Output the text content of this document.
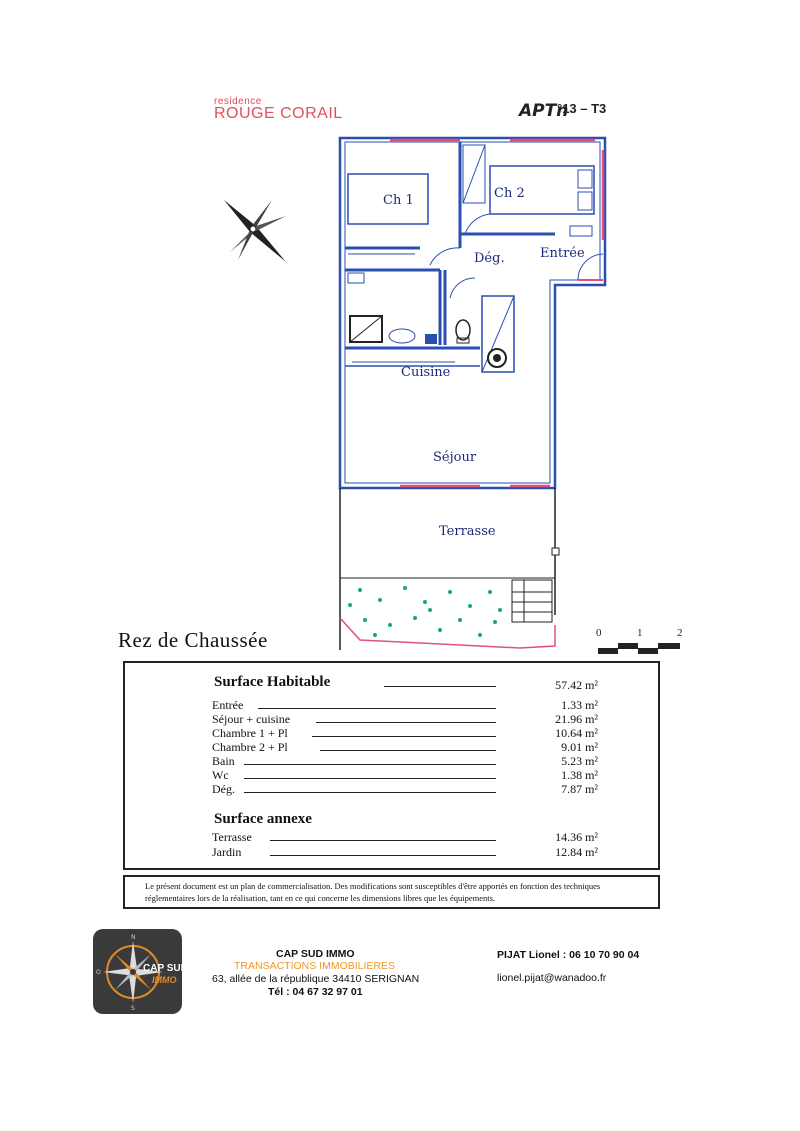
residence
ROUGE CORAIL	APTn
°13 – T3
Ch 1	Ch 2
Entrée
Dég.
Cuisine
Séjour
Terrasse
Rez de Chaussée	0	1	2
Surface Habitable	57.42 m²
Entrée	1.33 m²
Séjour + cuisine	21.96 m²
Chambre 1 + Pl	10.64 m²
Chambre 2 + Pl	9.01 m²
Bain	5.23 m²
Wc	1.38 m²
Dég.	7.87 m²
Surface annexe
Terrasse	14.36 m²
Jardin	12.84 m²
Le présent document est un plan de commercialisation. Des modifications sont susceptibles d'être apportés en fonction des techniques réglementaires lors de la réalisation, tant en ce qui concerne les dimensions libres que les équipements.
N
S
O	CAP SUD
IMMO
CAP SUD IMMO
TRANSACTIONS IMMOBILIERES
63, allée de la république 34410 SERIGNAN
Tél : 04 67 32 97 01
PIJAT Lionel : 06 10 70 90 04
lionel.pijat@wanadoo.fr
